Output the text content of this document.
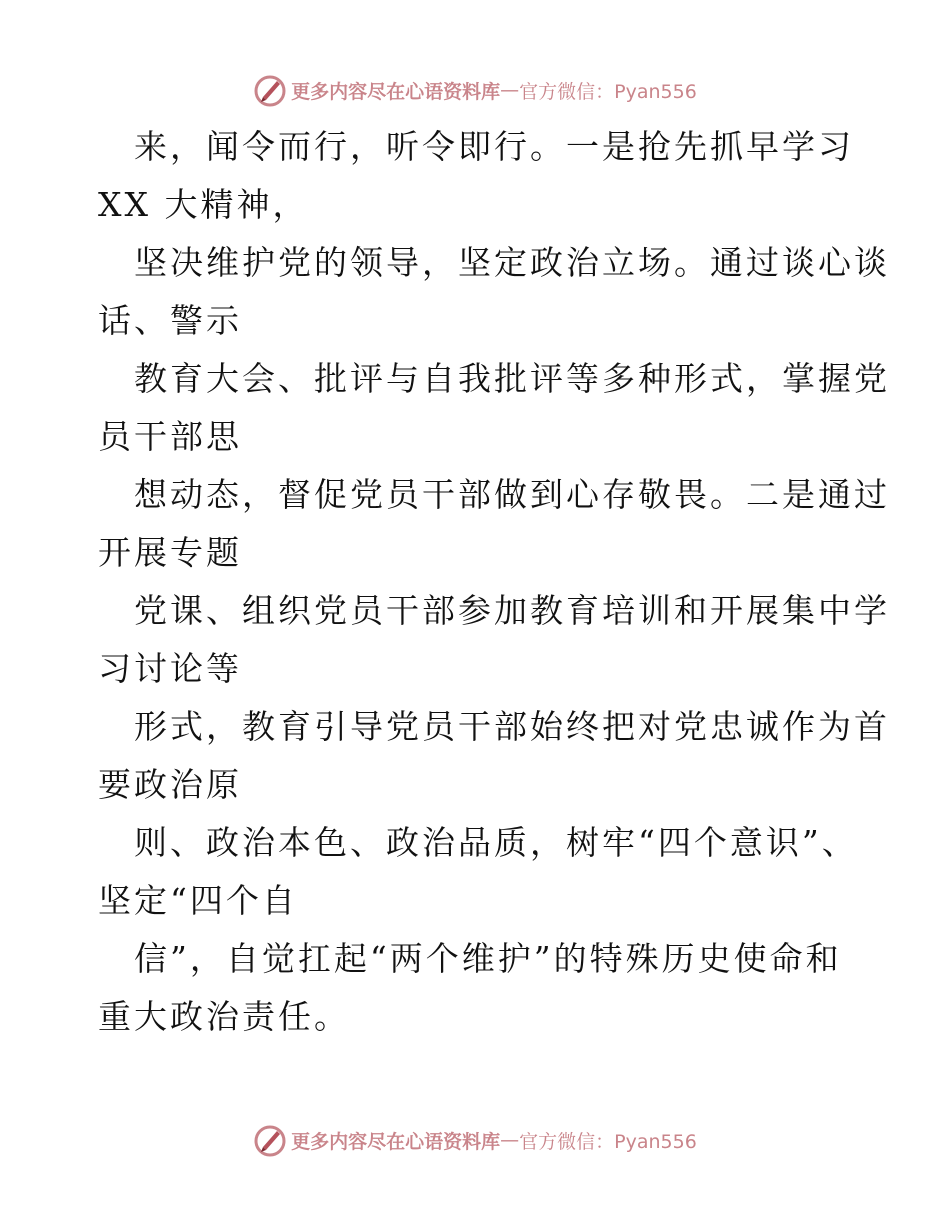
更多内容尽在心语资料库 — 官方微信：Pyan556
来，闻令而行，听令即行。一是抢先抓早学习
XX 大精神，
坚决维护党的领导，坚定政治立场。通过谈心谈
话、警示
教育大会、批评与自我批评等多种形式，掌握党
员干部思
想动态，督促党员干部做到心存敬畏。二是通过
开展专题
党课、组织党员干部参加教育培训和开展集中学
习讨论等
形式，教育引导党员干部始终把对党忠诚作为首
要政治原
则、政治本色、政治品质，树牢“四个意识”、
坚定“四个自
信”，自觉扛起“两个维护”的特殊历史使命和
重大政治责任。
更多内容尽在心语资料库 — 官方微信：Pyan556
